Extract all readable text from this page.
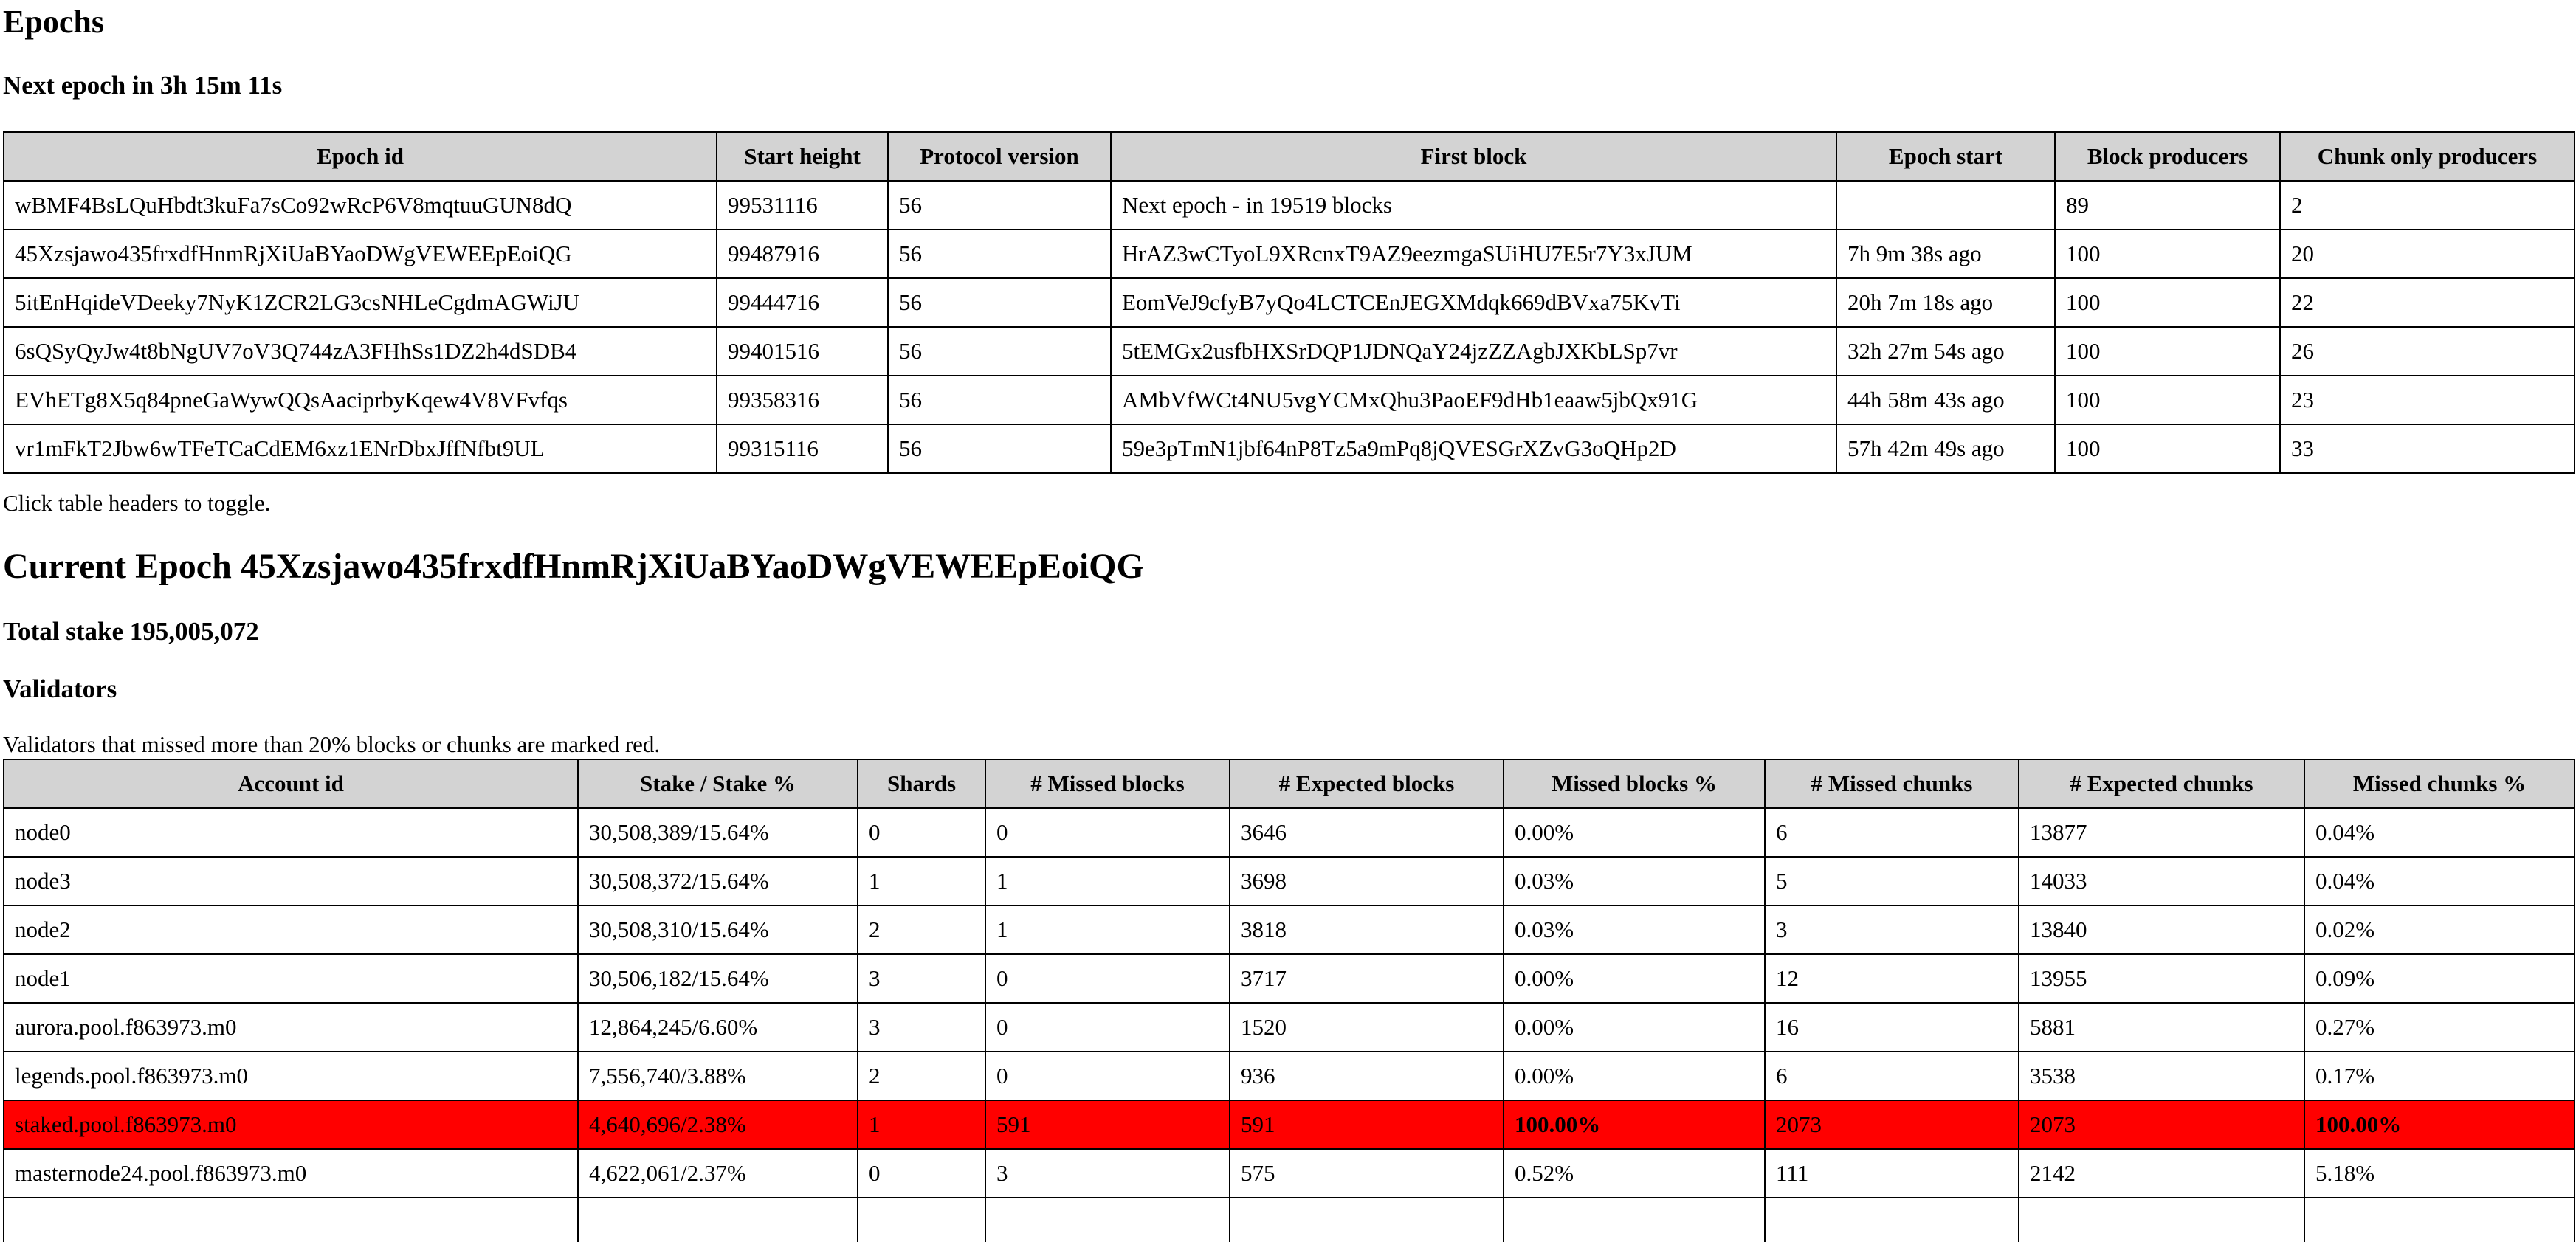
Epochs
Next epoch in 3h 15m 11s
Epoch id	Start height	Protocol version	First block	Epoch start	Block producers	Chunk only producers
wBMF4BsLQuHbdt3kuFa7sCo92wRcP6V8mqtuuGUN8dQ	99531116	56	Next epoch - in 19519 blocks		89	2
45Xzsjawo435frxdfHnmRjXiUaBYaoDWgVEWEEpEoiQG	99487916	56	HrAZ3wCTyoL9XRcnxT9AZ9eezmgaSUiHU7E5r7Y3xJUM	7h 9m 38s ago	100	20
5itEnHqideVDeeky7NyK1ZCR2LG3csNHLeCgdmAGWiJU	99444716	56	EomVeJ9cfyB7yQo4LCTCEnJEGXMdqk669dBVxa75KvTi	20h 7m 18s ago	100	22
6sQSyQyJw4t8bNgUV7oV3Q744zA3FHhSs1DZ2h4dSDB4	99401516	56	5tEMGx2usfbHXSrDQP1JDNQaY24jzZZAgbJXKbLSp7vr	32h 27m 54s ago	100	26
EVhETg8X5q84pneGaWywQQsAaciprbyKqew4V8VFvfqs	99358316	56	AMbVfWCt4NU5vgYCMxQhu3PaoEF9dHb1eaaw5jbQx91G	44h 58m 43s ago	100	23
vr1mFkT2Jbw6wTFeTCaCdEM6xz1ENrDbxJffNfbt9UL	99315116	56	59e3pTmN1jbf64nP8Tz5a9mPq8jQVESGrXZvG3oQHp2D	57h 42m 49s ago	100	33

Click table headers to toggle.

Current Epoch 45Xzsjawo435frxdfHnmRjXiUaBYaoDWgVEWEEpEoiQG
Total stake 195,005,072
Validators

Validators that missed more than 20% blocks or chunks are marked red.

Account id	Stake / Stake %	Shards	# Missed blocks	# Expected blocks	Missed blocks %	# Missed chunks	# Expected chunks	Missed chunks %
node0	30,508,389/15.64%	0	0	3646	0.00%	6	13877	0.04%
node3	30,508,372/15.64%	1	1	3698	0.03%	5	14033	0.04%
node2	30,508,310/15.64%	2	1	3818	0.03%	3	13840	0.02%
node1	30,506,182/15.64%	3	0	3717	0.00%	12	13955	0.09%
aurora.pool.f863973.m0	12,864,245/6.60%	3	0	1520	0.00%	16	5881	0.27%
legends.pool.f863973.m0	7,556,740/3.88%	2	0	936	0.00%	6	3538	0.17%
staked.pool.f863973.m0	4,640,696/2.38%	1	591	591	100.00%	2073	2073	100.00%
masternode24.pool.f863973.m0	4,622,061/2.37%	0	3	575	0.52%	111	2142	5.18%
